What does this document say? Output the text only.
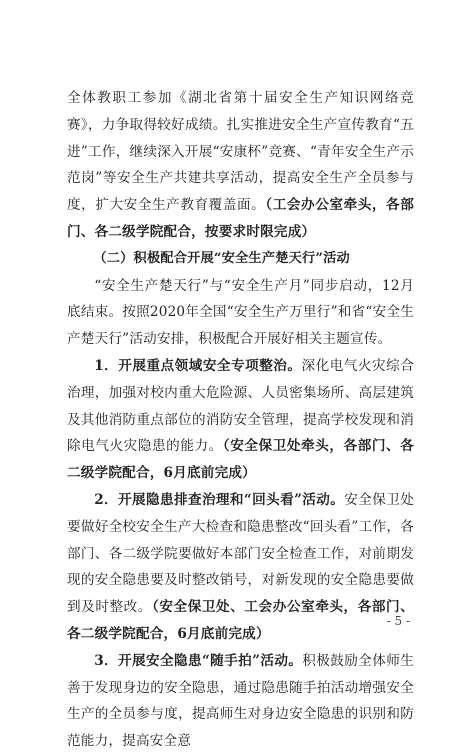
全体教职工参加《湖北省第十届安全生产知识网络竞赛》，力争取得较好成绩。扎实推进安全生产宣传教育“五进”工作，继续深入开展“安康杯”竞赛、“青年安全生产示范岗”等安全生产共建共享活动，提高安全生产全员参与度，扩大安全生产教育覆盖面。（工会办公室牵头，各部门、各二级学院配合，按要求时限完成）

（二）积极配合开展“安全生产楚天行”活动

“安全生产楚天行”与“安全生产月”同步启动，12月底结束。按照2020年全国“安全生产万里行”和省“安全生产楚天行”活动安排，积极配合开展好相关主题宣传。

1．开展重点领域安全专项整治。深化电气火灾综合治理，加强对校内重大危险源、人员密集场所、高层建筑及其他消防重点部位的消防安全管理，提高学校发现和消除电气火灾隐患的能力。（安全保卫处牵头，各部门、各二级学院配合，6月底前完成）

2．开展隐患排查治理和“回头看”活动。安全保卫处要做好全校安全生产大检查和隐患整改“回头看”工作，各部门、各二级学院要做好本部门安全检查工作，对前期发现的安全隐患要及时整改销号，对新发现的安全隐患要做到及时整改。（安全保卫处、工会办公室牵头，各部门、各二级学院配合，6月底前完成）

3．开展安全隐患“随手拍”活动。积极鼓励全体师生善于发现身边的安全隐患，通过隐患随手拍活动增强安全生产的全员参与度，提高师生对身边安全隐患的识别和防范能力，提高安全意

- 5 -
